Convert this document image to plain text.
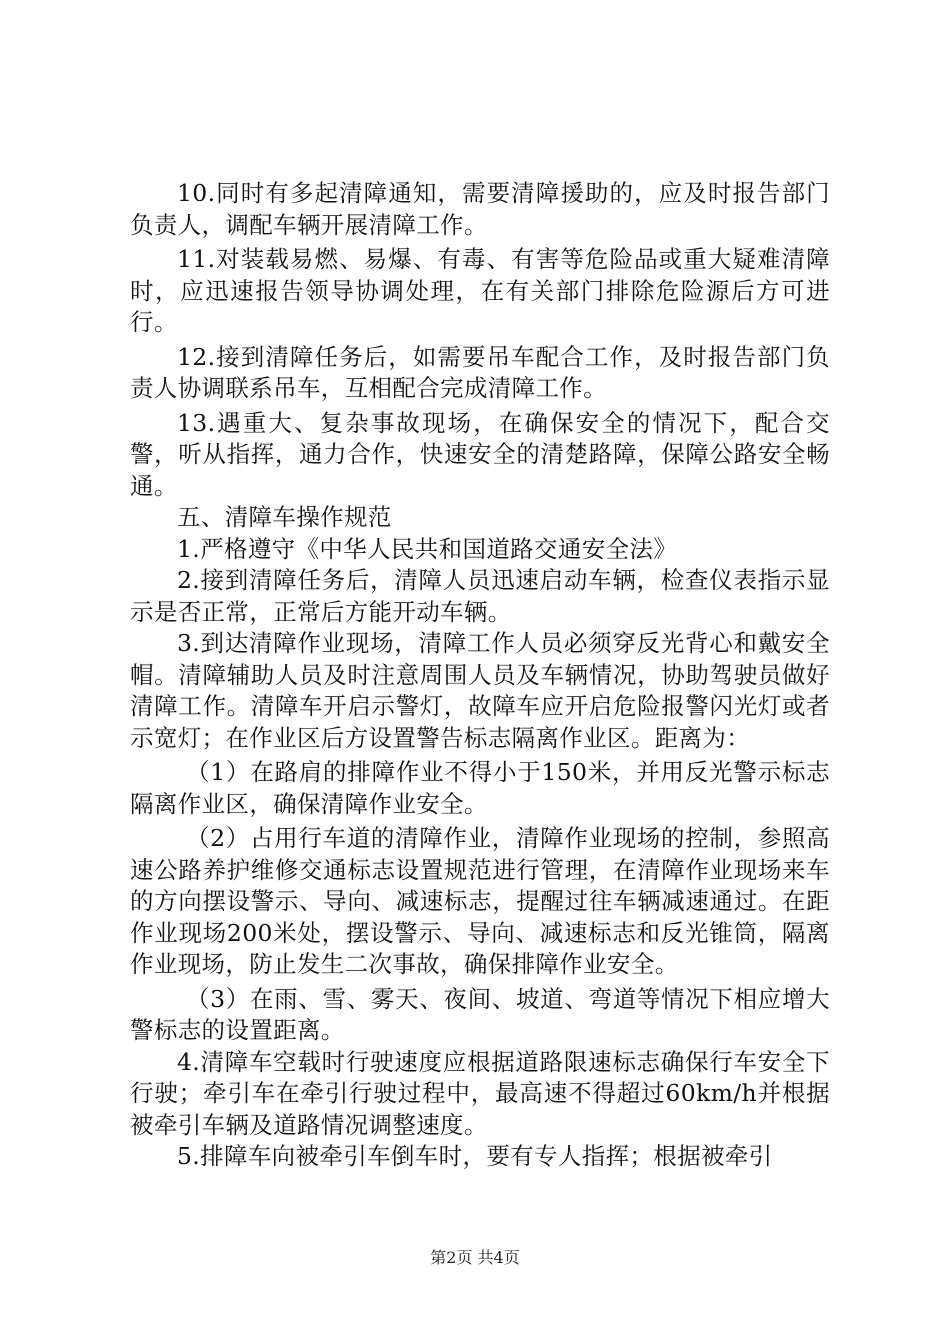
10.同时有多起清障通知，需要清障援助的，应及时报告部门负责人，调配车辆开展清障工作。

11.对装载易燃、易爆、有毒、有害等危险品或重大疑难清障时，应迅速报告领导协调处理，在有关部门排除危险源后方可进行。

12.接到清障任务后，如需要吊车配合工作，及时报告部门负责人协调联系吊车，互相配合完成清障工作。

13.遇重大、复杂事故现场，在确保安全的情况下，配合交警，听从指挥，通力合作，快速安全的清楚路障，保障公路安全畅通。

五、清障车操作规范

1.严格遵守《中华人民共和国道路交通安全法》

2.接到清障任务后，清障人员迅速启动车辆，检查仪表指示显示是否正常，正常后方能开动车辆。

3.到达清障作业现场，清障工作人员必须穿反光背心和戴安全帽。清障辅助人员及时注意周围人员及车辆情况，协助驾驶员做好清障工作。清障车开启示警灯，故障车应开启危险报警闪光灯或者示宽灯；在作业区后方设置警告标志隔离作业区。距离为：

（1）在路肩的排障作业不得小于150米，并用反光警示标志隔离作业区，确保清障作业安全。

（2）占用行车道的清障作业，清障作业现场的控制，参照高速公路养护维修交通标志设置规范进行管理，在清障作业现场来车的方向摆设警示、导向、减速标志，提醒过往车辆减速通过。在距作业现场200米处，摆设警示、导向、减速标志和反光锥筒，隔离作业现场，防止发生二次事故，确保排障作业安全。

（3）在雨、雪、雾天、夜间、坡道、弯道等情况下相应增大警标志的设置距离。

4.清障车空载时行驶速度应根据道路限速标志确保行车安全下行驶；牵引车在牵引行驶过程中，最高速不得超过60km/h并根据被牵引车辆及道路情况调整速度。

5.排障车向被牵引车倒车时，要有专人指挥；根据被牵引

第2页 共4页
